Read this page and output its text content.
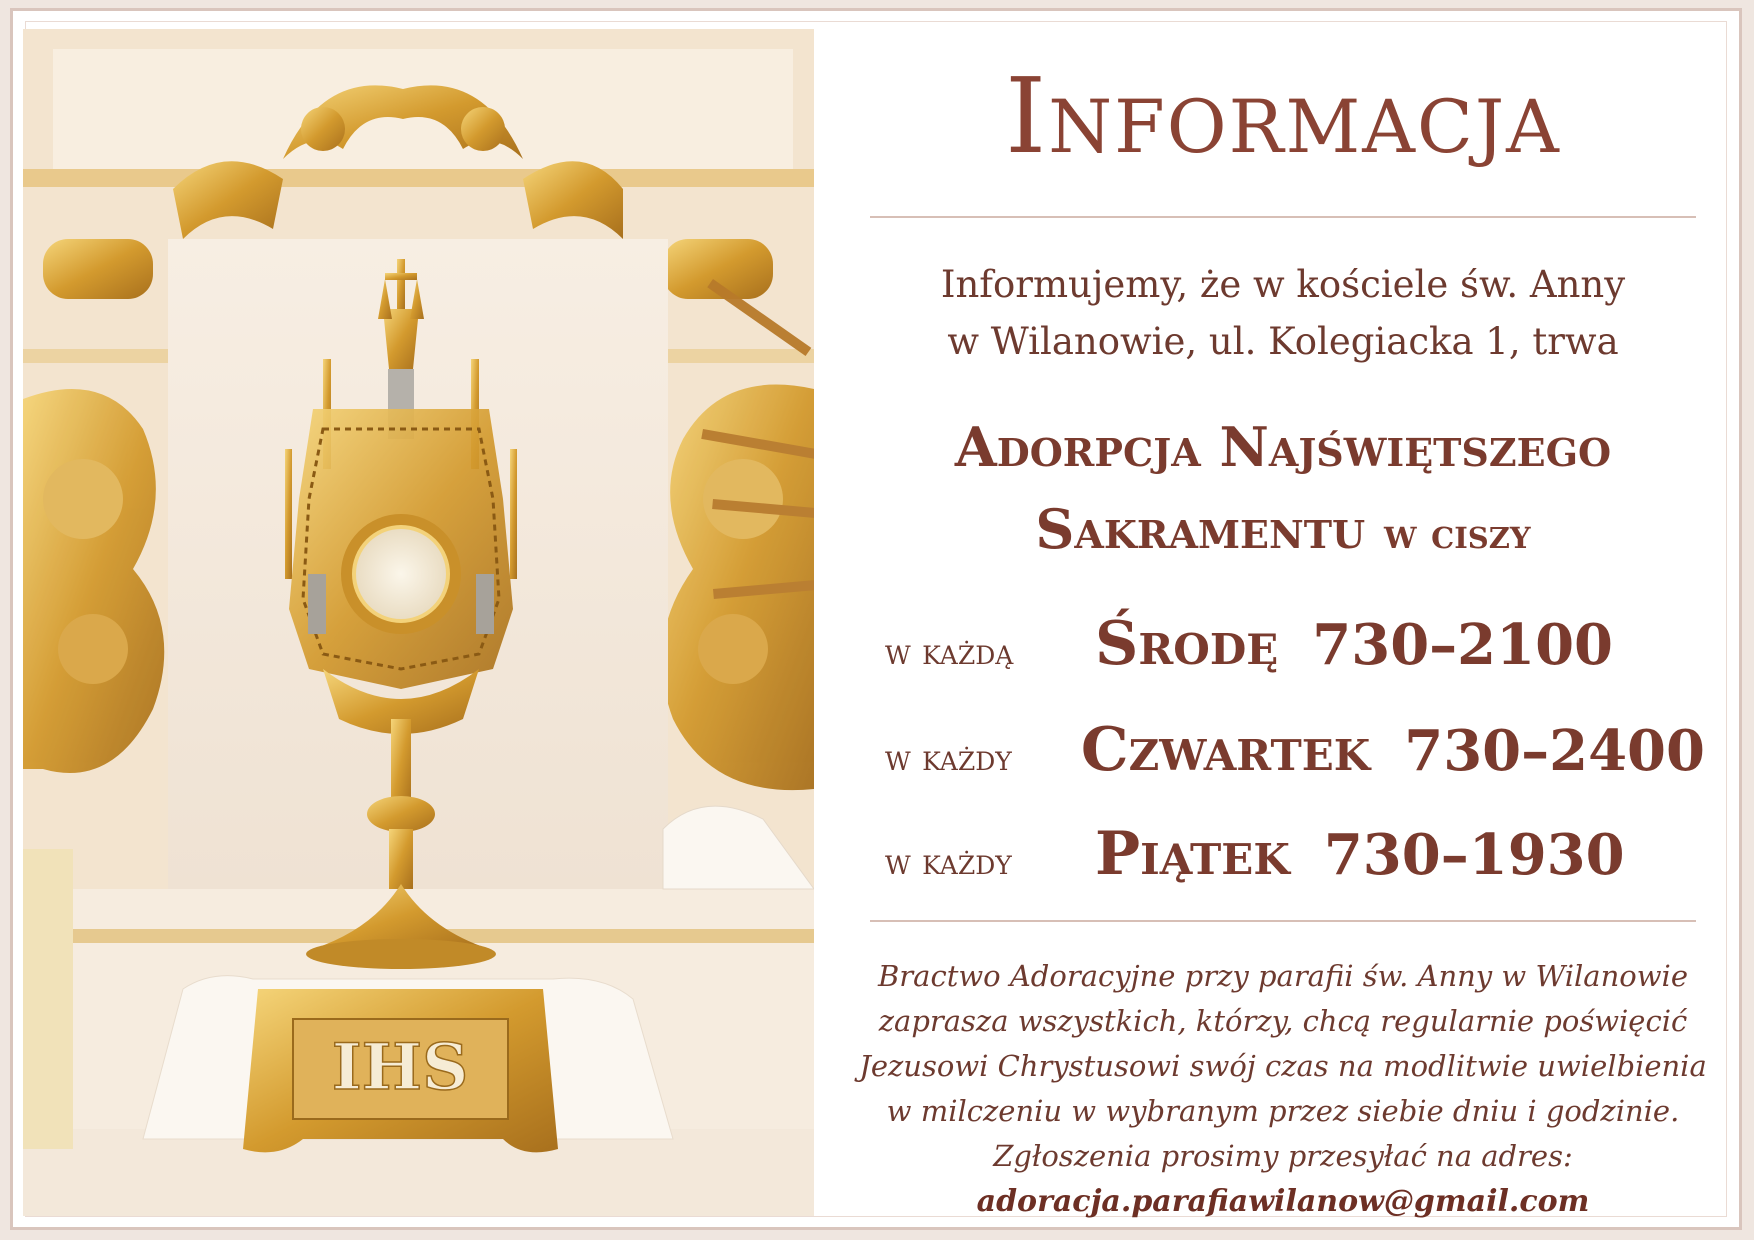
IHS
Informacja
Informujemy, że w kościele św. Anny
w Wilanowie, ul. Kolegiacka 1, trwa
Adorpcja Najświętszego
Sakramentu w ciszy
w każdą	Środę 730–2100
w każdy	Czwartek 730–2400
w każdy	Piątek 730–1930
Bractwo Adoracyjne przy parafii św. Anny w Wilanowie
zaprasza wszystkich, którzy, chcą regularnie poświęcić
Jezusowi Chrystusowi swój czas na modlitwie uwielbienia
w milczeniu w wybranym przez siebie dniu i godzinie.
Zgłoszenia prosimy przesyłać na adres:
adoracja.parafiawilanow@gmail.com
